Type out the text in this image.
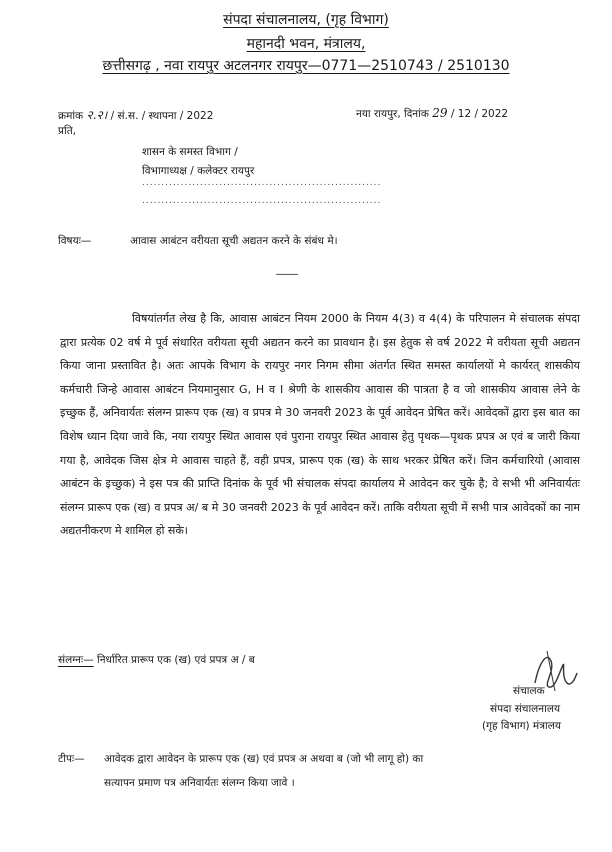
संपदा संचालनालय, (गृह विभाग)
महानदी भवन, मंत्रालय,
छत्तीसगढ़ , नवा रायपुर अटलनगर रायपुर—0771—2510743 / 2510130
क्रमांक २.२। / सं.स. / स्थापना / 2022	नया रायपुर, दिनांक 29 / 12 / 2022
प्रति,
शासन के समस्त विभाग /
विभागाध्यक्ष / कलेक्टर रायपुर
..............................................................
..............................................................
विषयः—	आवास आबंटन वरीयता सूची अद्यतन करने के संबंध मे।
____
विषयांतर्गत लेख है कि, आवास आबंटन नियम 2000 के नियम 4(3) व 4(4) के परिपालन मे संचालक संपदा द्वारा प्रत्येक 02 वर्ष मे पूर्व संधारित वरीयता सूची अद्यतन करने का प्रावधान है। इस हेतुक से वर्ष 2022 मे वरीयता सूची अद्यतन किया जाना प्रस्तावित है। अतः आपके विभाग के रायपुर नगर निगम सीमा अंतर्गत स्थित समस्त कार्यालयों मे कार्यरत् शासकीय कर्मचारी जिन्हे आवास आबंटन नियमानुसार G, H व I श्रेणी के शासकीय आवास की पात्रता है व जो शासकीय आवास लेने के इच्छुक हैं, अनिवार्यतः संलग्न प्रारूप एक (ख) व प्रपत्र मे 30 जनवरी 2023 के पूर्व आवेदन प्रेषित करें। आवेदकों द्वारा इस बात का विशेष ध्यान दिया जावे कि, नया रायपुर स्थित आवास एवं पुराना रायपुर स्थित आवास हेतु पृथक—पृथक प्रपत्र अ एवं ब जारी किया गया है, आवेदक जिस क्षेत्र मे आवास चाहते हैं, वही प्रपत्र, प्रारूप एक (ख) के साथ भरकर प्रेषित करें। जिन कर्मचारियो (आवास आबंटन के इच्छुक) ने इस पत्र की प्राप्ति दिनांक के पूर्व भी संचालक संपदा कार्यालय मे आवेदन कर चुके है; वे सभी भी अनिवार्यतः संलग्न प्रारूप एक (ख) व प्रपत्र अ/ ब मे 30 जनवरी 2023 के पूर्व आवेदन करें। ताकि वरीयता सूची में सभी पात्र आवेदकों का नाम अद्यतनीकरण मे शामिल हो सके।
संलग्नः— निर्धारित प्रारूप एक (ख) एवं प्रपत्र अ / ब
संचालक
संपदा संचालनालय
(गृह विभाग) मंत्रालय
टीपः— आवेदक द्वारा आवेदन के प्रारूप एक (ख) एवं प्रपत्र अ अथवा ब (जो भी लागू हो) का
सत्यापन प्रमाण पत्र अनिवार्यतः संलग्न किया जावे ।
